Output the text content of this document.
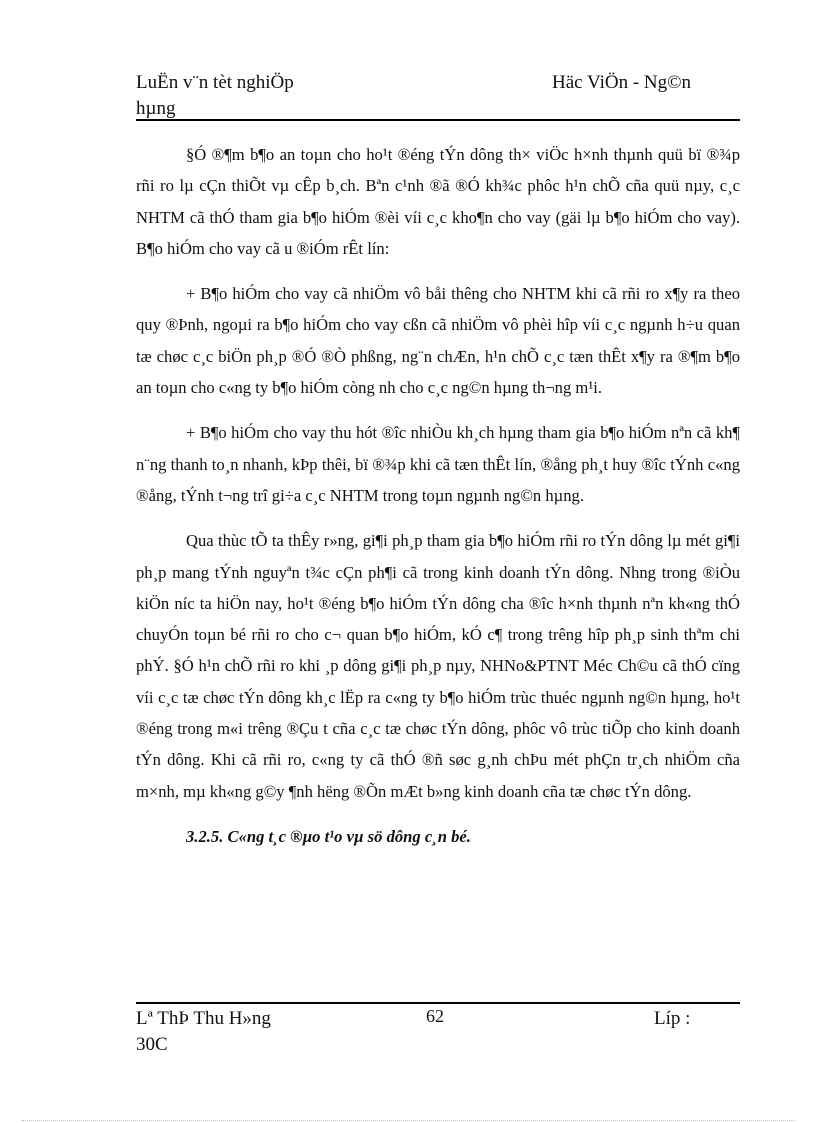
LuËn v¨n tèt nghiÖp
hµng
Häc ViÖn - Ng©n

§Ó ®¶m b¶o an toµn cho ho¹t ®éng tÝn dông th× viÖc h×nh thµnh quü bï ®¾p rñi ro lµ cÇn thiÕt vµ cÊp b¸ch. Bªn c¹nh ®ã ®Ó kh¾c phôc h¹n chÕ cña quü nµy, c¸c NHTM cã thÓ tham gia b¶o hiÓm ®èi víi c¸c kho¶n cho vay (gäi lµ b¶o hiÓm cho vay). B¶o hiÓm cho vay cã u ®iÓm rÊt lín:

+ B¶o hiÓm cho vay cã nhiÖm vô båi thêng cho NHTM khi cã rñi ro x¶y ra theo quy ®Þnh, ngoµi ra b¶o hiÓm cho vay cßn cã nhiÖm vô phèi hîp víi c¸c ngµnh h÷u quan tæ chøc c¸c biÖn ph¸p ®Ó ®Ò phßng, ng¨n chÆn, h¹n chÕ c¸c tæn thÊt x¶y ra ®¶m b¶o an toµn cho c«ng ty b¶o hiÓm còng nh cho c¸c ng©n hµng th¬ng m¹i.

+ B¶o hiÓm cho vay thu hót ®îc nhiÒu kh¸ch hµng tham gia b¶o hiÓm nªn cã kh¶ n¨ng thanh to¸n nhanh, kÞp thêi, bï ®¾p khi cã tæn thÊt lín, ®ång ph¸t huy ®îc tÝnh c«ng ®ång, tÝnh t¬ng trî gi÷a c¸c NHTM trong toµn ngµnh ng©n hµng.

Qua thùc tÕ ta thÊy r»ng, gi¶i ph¸p tham gia b¶o hiÓm rñi ro tÝn dông lµ mét gi¶i ph¸p mang tÝnh nguyªn t¾c cÇn ph¶i cã trong kinh doanh tÝn dông. Nhng trong ®iÒu kiÖn níc ta hiÖn nay, ho¹t ®éng b¶o hiÓm tÝn dông cha ®îc h×nh thµnh nªn kh«ng thÓ chuyÓn toµn bé rñi ro cho c¬ quan b¶o hiÓm, kÓ c¶ trong trêng hîp ph¸p sinh thªm chi phÝ. §Ó h¹n chÕ rñi ro khi ¸p dông gi¶i ph¸p nµy, NHNo&PTNT Méc Ch©u cã thÓ cïng víi c¸c tæ chøc tÝn dông kh¸c lËp ra c«ng ty b¶o hiÓm trùc thuéc ngµnh ng©n hµng, ho¹t ®éng trong m«i trêng ®Çu t cña c¸c tæ chøc tÝn dông, phôc vô trùc tiÕp cho kinh doanh tÝn dông. Khi cã rñi ro, c«ng ty cã thÓ ®ñ søc g¸nh chÞu mét phÇn tr¸ch nhiÖm cña m×nh, mµ kh«ng g©y ¶nh hëng ®Õn mÆt b»ng kinh doanh cña tæ chøc tÝn dông.

3.2.5. C«ng t¸c ®µo t¹o vµ sö dông c¸n bé.
Lª ThÞ Thu H»ng
30C
62	Líp :
